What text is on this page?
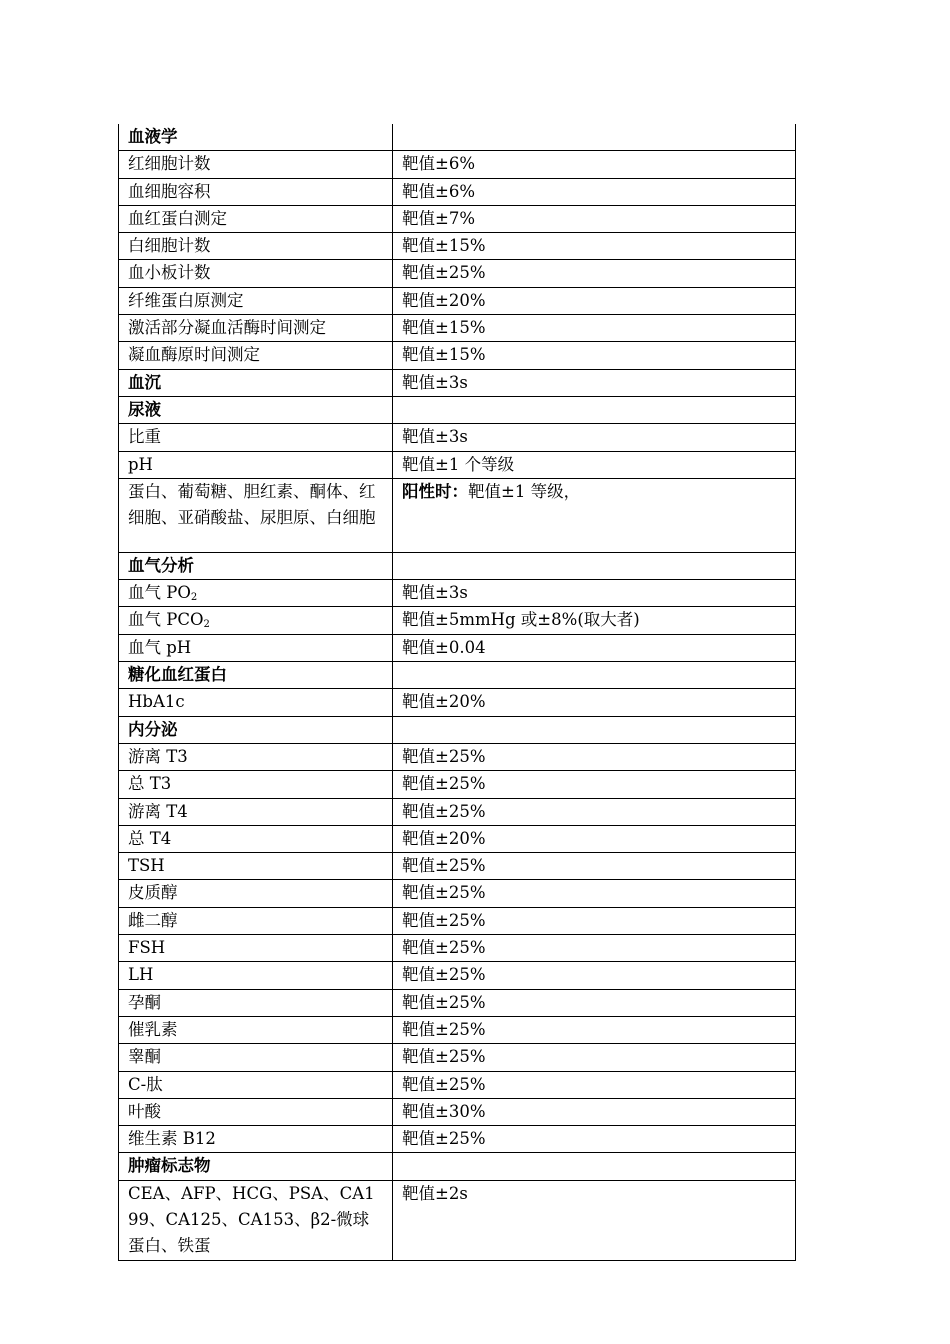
血液学	
红细胞计数	靶值±6%
血细胞容积	靶值±6%
血红蛋白测定	靶值±7%
白细胞计数	靶值±15%
血小板计数	靶值±25%
纤维蛋白原测定	靶值±20%
激活部分凝血活酶时间测定	靶值±15%
凝血酶原时间测定	靶值±15%
血沉	靶值±3s
尿液	
比重	靶值±3s
pH	靶值±1 个等级
蛋白、葡萄糖、胆红素、酮体、红细胞、亚硝酸盐、尿胆原、白细胞	阳性时：靶值±1 等级，
血气分析	
血气 $PO_2$	靶值±3s
血气 $PCO_2$	靶值±5mmHg 或±8%(取大者)
血气 pH	靶值±0.04
糖化血红蛋白	
HbA1c	靶值±20%
内分泌	
游离 T3	靶值±25%
总 T3	靶值±25%
游离 T4	靶值±25%
总 T4	靶值±20%
TSH	靶值±25%
皮质醇	靶值±25%
雌二醇	靶值±25%
FSH	靶值±25%
LH	靶值±25%
孕酮	靶值±25%
催乳素	靶值±25%
睾酮	靶值±25%
C-肽	靶值±25%
叶酸	靶值±30%
维生素 B12	靶值±25%
肿瘤标志物	
CEA、AFP、HCG、PSA、CA199、CA125、CA153、β2-微球蛋白、铁蛋	靶值±2s
